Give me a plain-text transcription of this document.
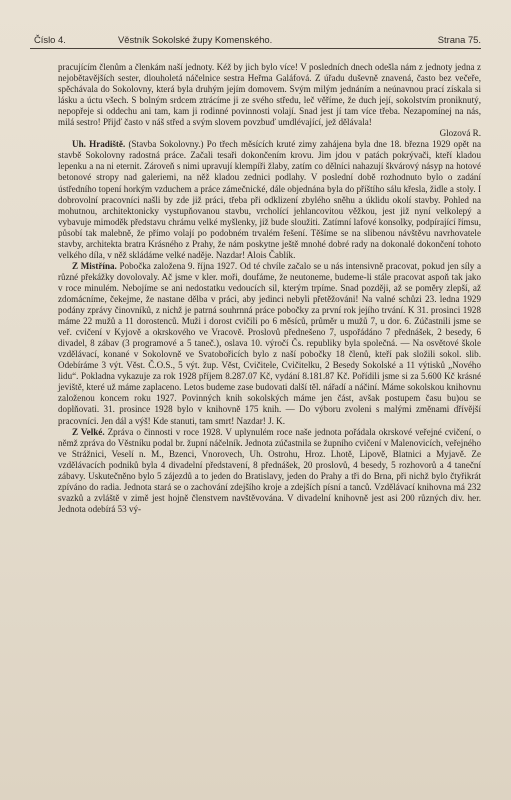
Číslo 4.	Věstník Sokolské župy Komenského.	Strana 75.

pracujícím členům a členkám naší jednoty. Kéž by jich bylo více! V posledních dnech odešla nám z jednoty jedna z nejobětavějších sester, dlouholetá náčelnice sestra Heřma Galáfová. Z úřadu duševně znavená, často bez večeře, spěchávala do Sokolovny, která byla druhým jejím domovem. Svým milým jednáním a neúnavnou prací získala si lásku a úctu všech. S bolným srdcem ztrácíme ji ze svého středu, leč věříme, že duch její, sokolstvím proniknutý, nepopřeje si oddechu ani tam, kam ji rodinné povinnosti volají. Snad jest jí tam více třeba. Nezapomínej na nás, milá sestro! Přijď často v náš střed a svým slovem povzbuď umdlévající, jež dělávala!
Glozová R.

Uh. Hradiště. (Stavba Sokolovny.) Po třech měsících kruté zimy zahájena byla dne 18. března 1929 opět na stavbě Sokolovny radostná práce. Začali tesaři dokončením krovu. Jim jdou v patách pokrývači, kteří kladou lepenku a na ni eternit. Zároveň s nimi upravují klempíři žlaby, zatím co dělníci nahazují škvárový násyp na hotové betonové stropy nad galeriemi, na něž kladou zednici podlahy. V poslední době rozhodnuto bylo o zadání ústředního topení horkým vzduchem a práce zámečnické, dále objednána byla do příštího sálu křesla, židle a stoly. I dobrovolní pracovníci našli by zde již práci, třeba při odklizení zbylého sněhu a úklidu okolí stavby. Pohled na mohutnou, architektonicky vystupňovanou stavbu, vrcholící jehlancovitou věžkou, jest již nyní velkolepý a vybavuje mimoděk představu chrámu velké myšlenky, jíž bude sloužiti. Zatímní lafové konsolky, podpírající římsu, působí tak malebně, že přímo volají po podobném trvalém řešení. Těšíme se na slibenou návštěvu navrhovatele stavby, architekta bratra Krásného z Prahy, že nám poskytne ještě mnohé dobré rady na dokonalé dokončení tohoto velkého díla, v něž skládáme velké naděje. Nazdar! Alois Čablík.

Z Mistřína. Pobočka založena 9. října 1927. Od té chvíle začalo se u nás intensivně pracovat, pokud jen síly a různé překážky dovolovaly. Ač jsme v kler. moři, doufáme, že neutoneme, budeme-li stále pracovat aspoň tak jako v roce minulém. Nebojíme se ani nedostatku vedoucích sil, kterým trpíme. Snad později, až se poměry zlepší, až zdomácníme, čekejme, že nastane dělba v práci, aby jedinci nebyli přetěžováni! Na valné schůzi 23. ledna 1929 podány zprávy činovníků, z nichž je patrná souhrnná práce pobočky za první rok jejího trvání. K 31. prosinci 1928 máme 22 mužů a 11 dorostenců. Muži i dorost cvičili po 6 měsíců, průměr u mužů 7, u dor. 6. Zúčastnili jsme se veř. cvičení v Kyjově a okrskového ve Vracově. Proslovů přednešeno 7, uspořádáno 7 přednášek, 2 besedy, 6 divadel, 8 zábav (3 programové a 5 taneč.), oslava 10. výročí Čs. republiky byla společná. — Na osvětové škole vzdělávací, konané v Sokolovně ve Svatobořicích bylo z naší pobočky 18 členů, kteří pak složili sokol. slib. Odebíráme 3 výt. Věst. Č.O.S., 5 výt. žup. Věst, Cvičitele, Cvičitelku, 2 Besedy Sokolské a 11 výtisků „Nového lidu“. Pokladna vykazuje za rok 1928 příjem 8.287.07 Kč, vydání 8.181.87 Kč. Pořídili jsme si za 5.600 Kč krásné jeviště, které už máme zaplaceno. Letos budeme zase budovati další těl. nářadí a náčiní. Máme sokolskou knihovnu založenou koncem roku 1927. Povinných knih sokolských máme jen část, avšak postupem času bu)ou se doplňovati. 31. prosince 1928 bylo v knihovně 175 knih. — Do výboru zvoleni s malými změnami dřívější pracovníci. Jen dál a výš! Kde stanuti, tam smrt! Nazdar! J. K.

Z Velké. Zpráva o činnosti v roce 1928. V uplynulém roce naše jednota pořádala okrskové veřejné cvičení, o němž zpráva do Věstníku podal br. župní náčelník. Jednota zúčastnila se župního cvičení v Malenovicích, veřejného ve Strážnici, Veselí n. M., Bzenci, Vnorovech, Uh. Ostrohu, Hroz. Lhotě, Lipově, Blatnici a Myjavě. Ze vzdělávacích podniků byla 4 divadelní představení, 8 přednášek, 20 proslovů, 4 besedy, 5 rozhovorů a 4 taneční zábavy. Uskutečněno bylo 5 zájezdů a to jeden do Bratislavy, jeden do Prahy a tři do Brna, při nichž bylo čtyřikrát zpíváno do radia. Jednota stará se o zachování zdejšího kroje a zdejších písní a tanců. Vzdělávací knihovna má 232 svazků a zvláště v zimě jest hojně členstvem navštěvována. V divadelní knihovně jest asi 200 různých div. her. Jednota odebírá 53 vý-
